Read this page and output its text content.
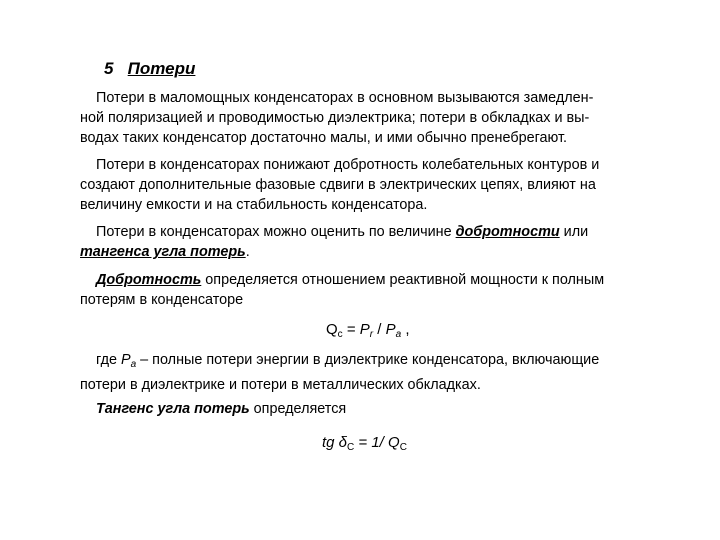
5 Потери

Потери в маломощных конденсаторах в основном вызываются замедлен-
ной поляризацией и проводимостью диэлектрика; потери в обкладках и вы-
водах таких конденсатор достаточно малы, и ими обычно пренебрегают.

Потери в конденсаторах понижают добротность колебательных контуров и
создают дополнительные фазовые сдвиги в электрических цепях, влияют на
величину емкости и на стабильность конденсатора.

Потери в конденсаторах можно оценить по величине добротности или
тангенса угла потерь.

Добротность определяется отношением реактивной мощности к полным
потерям в конденсаторе

$Q_c = P_r / P_a$ ,

где $P_a$ – полные потери энергии в диэлектрике конденсатора, включающие
потери в диэлектрике и потери в металлических обкладках.

Тангенс угла потерь определяется

tg $\delta_C = 1/$ $Q_C$
